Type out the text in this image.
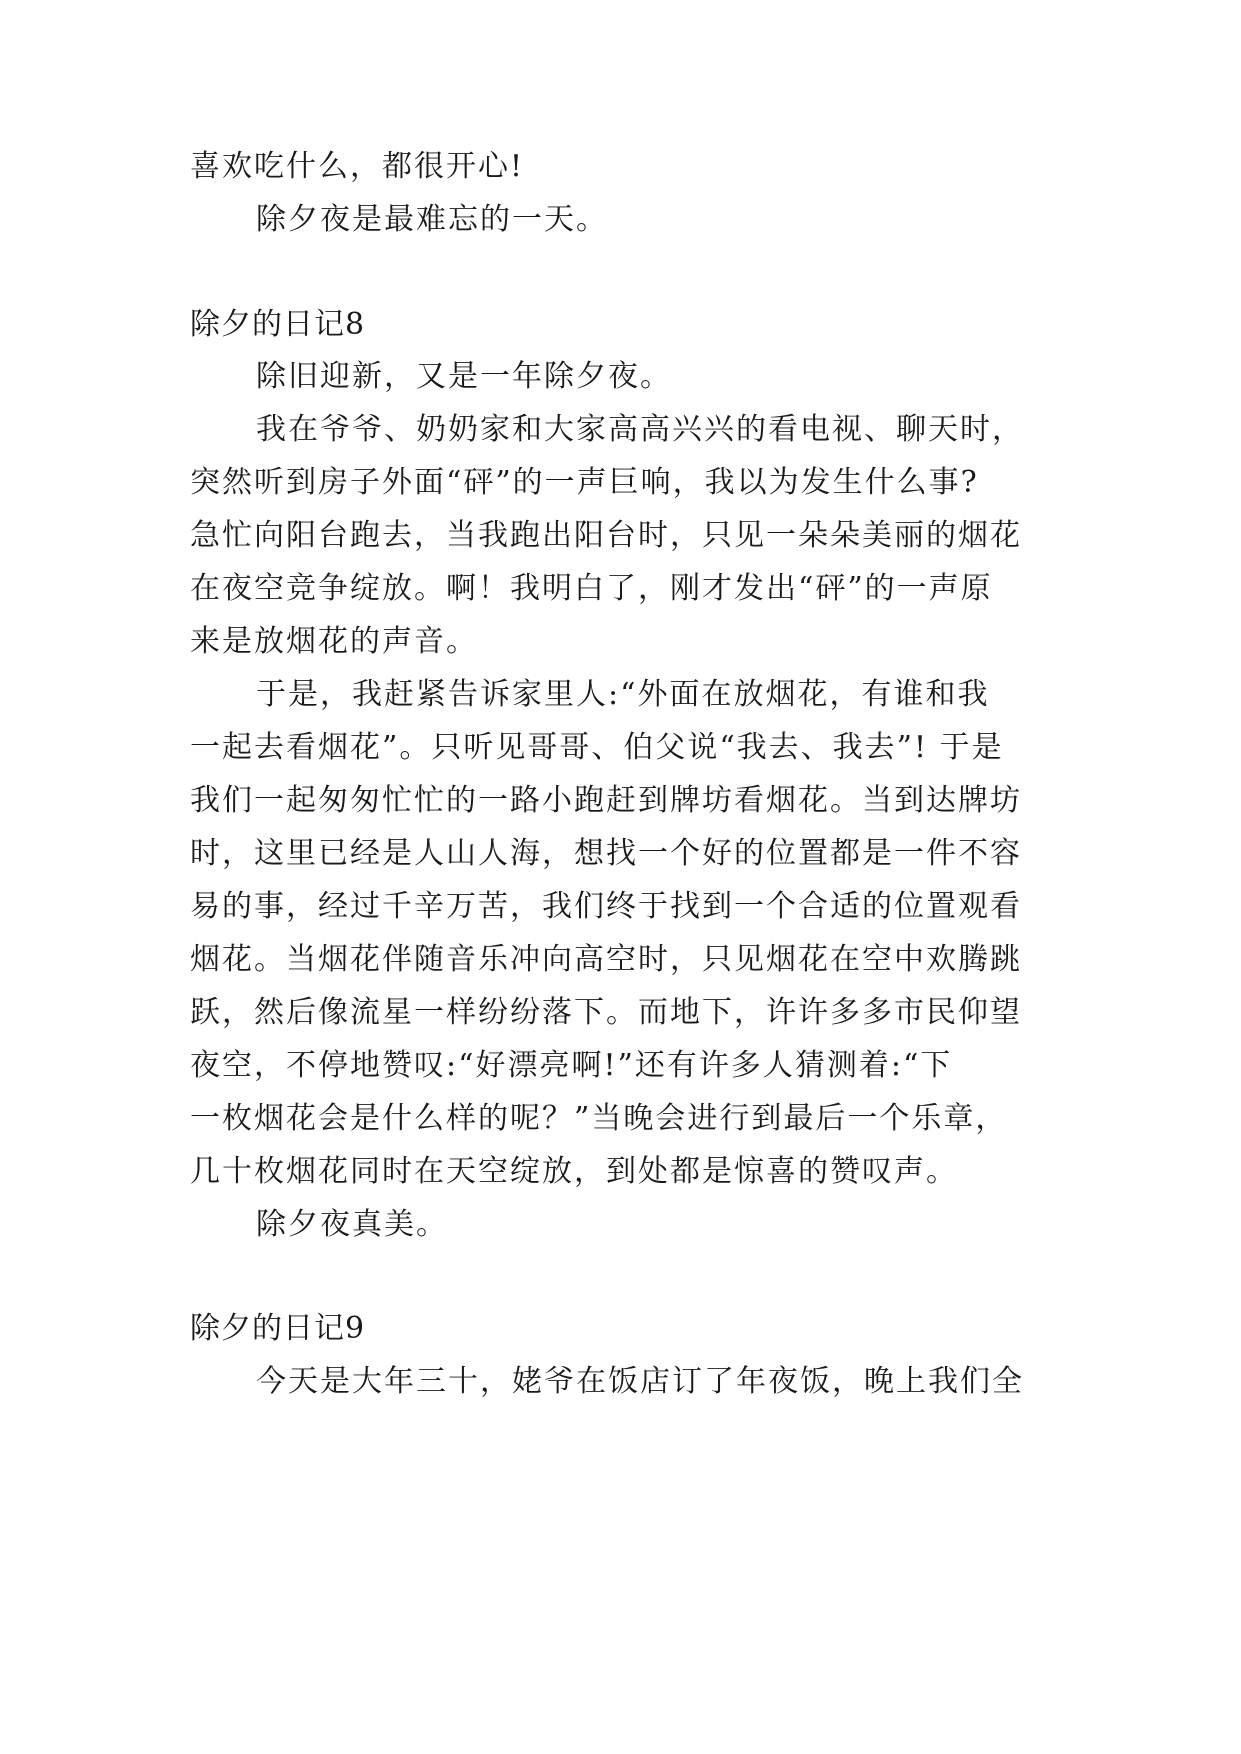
喜欢吃什么，都很开心!
除夕夜是最难忘的一天。
除夕的日记8
除旧迎新，又是一年除夕夜。
我在爷爷、奶奶家和大家高高兴兴的看电视、聊天时，
突然听到房子外面“砰”的一声巨响，我以为发生什么事?
急忙向阳台跑去，当我跑出阳台时，只见一朵朵美丽的烟花
在夜空竞争绽放。啊！我明白了，刚才发出“砰”的一声原
来是放烟花的声音。
于是，我赶紧告诉家里人:“外面在放烟花，有谁和我
一起去看烟花”。只听见哥哥、伯父说“我去、我去”! 于是
我们一起匆匆忙忙的一路小跑赶到牌坊看烟花。当到达牌坊
时，这里已经是人山人海，想找一个好的位置都是一件不容
易的事，经过千辛万苦，我们终于找到一个合适的位置观看
烟花。当烟花伴随音乐冲向高空时，只见烟花在空中欢腾跳
跃，然后像流星一样纷纷落下。而地下，许许多多市民仰望
夜空，不停地赞叹:“好漂亮啊!”还有许多人猜测着:“下
一枚烟花会是什么样的呢？”当晚会进行到最后一个乐章，
几十枚烟花同时在天空绽放，到处都是惊喜的赞叹声。
除夕夜真美。
除夕的日记9
今天是大年三十，姥爷在饭店订了年夜饭，晚上我们全
